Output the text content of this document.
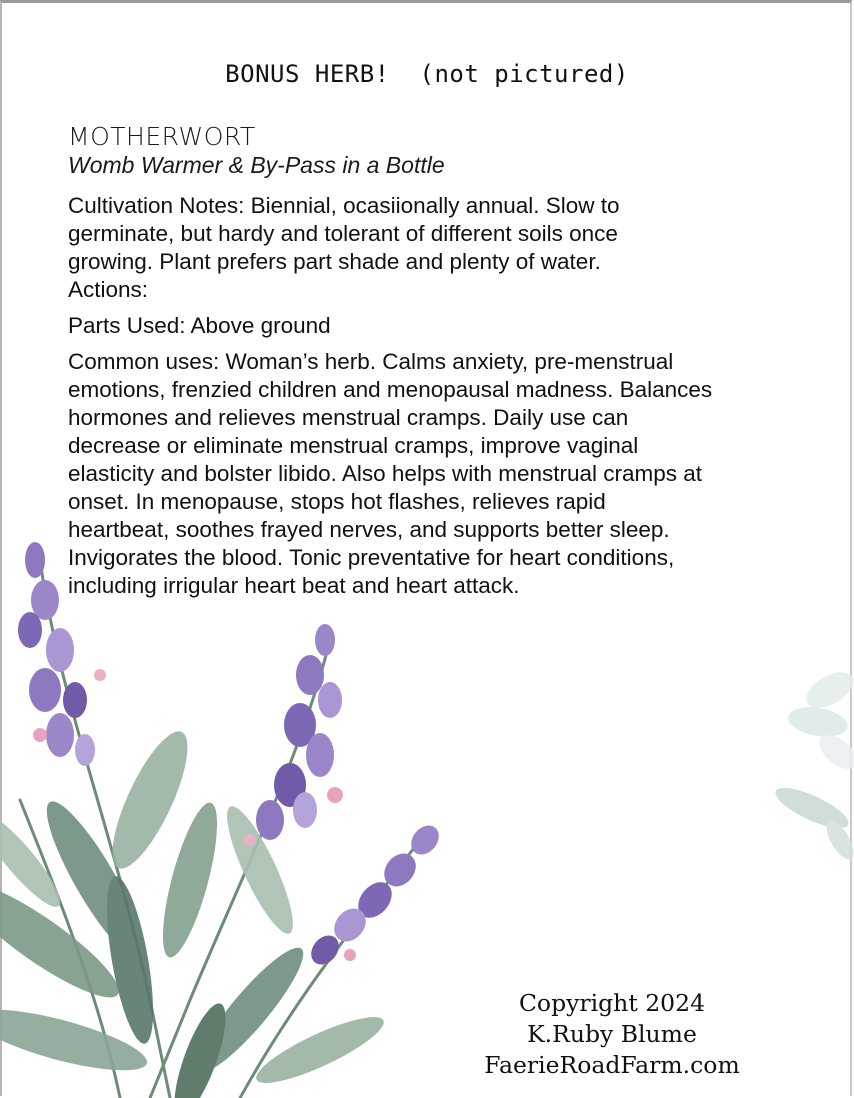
BONUS HERB!  (not pictured)
MOTHERWORT
Womb Warmer & By-Pass in a Bottle

Cultivation Notes: Biennial, ocasiionally annual. Slow to
germinate, but hardy and tolerant of different soils once
growing. Plant prefers part shade and plenty of water.
Actions:

Parts Used: Above ground

Common uses: Woman’s herb. Calms anxiety, pre-menstrual
emotions, frenzied children and menopausal madness. Balances
hormones and relieves menstrual cramps. Daily use can
decrease or eliminate menstrual cramps, improve vaginal
elasticity and bolster libido. Also helps with menstrual cramps at
onset. In menopause, stops hot flashes, relieves rapid
heartbeat, soothes frayed nerves, and supports better sleep.
Invigorates the blood. Tonic preventative for heart conditions,
including irrigular heart beat and heart attack.

Copyright 2024
K.Ruby Blume
FaerieRoadFarm.com
